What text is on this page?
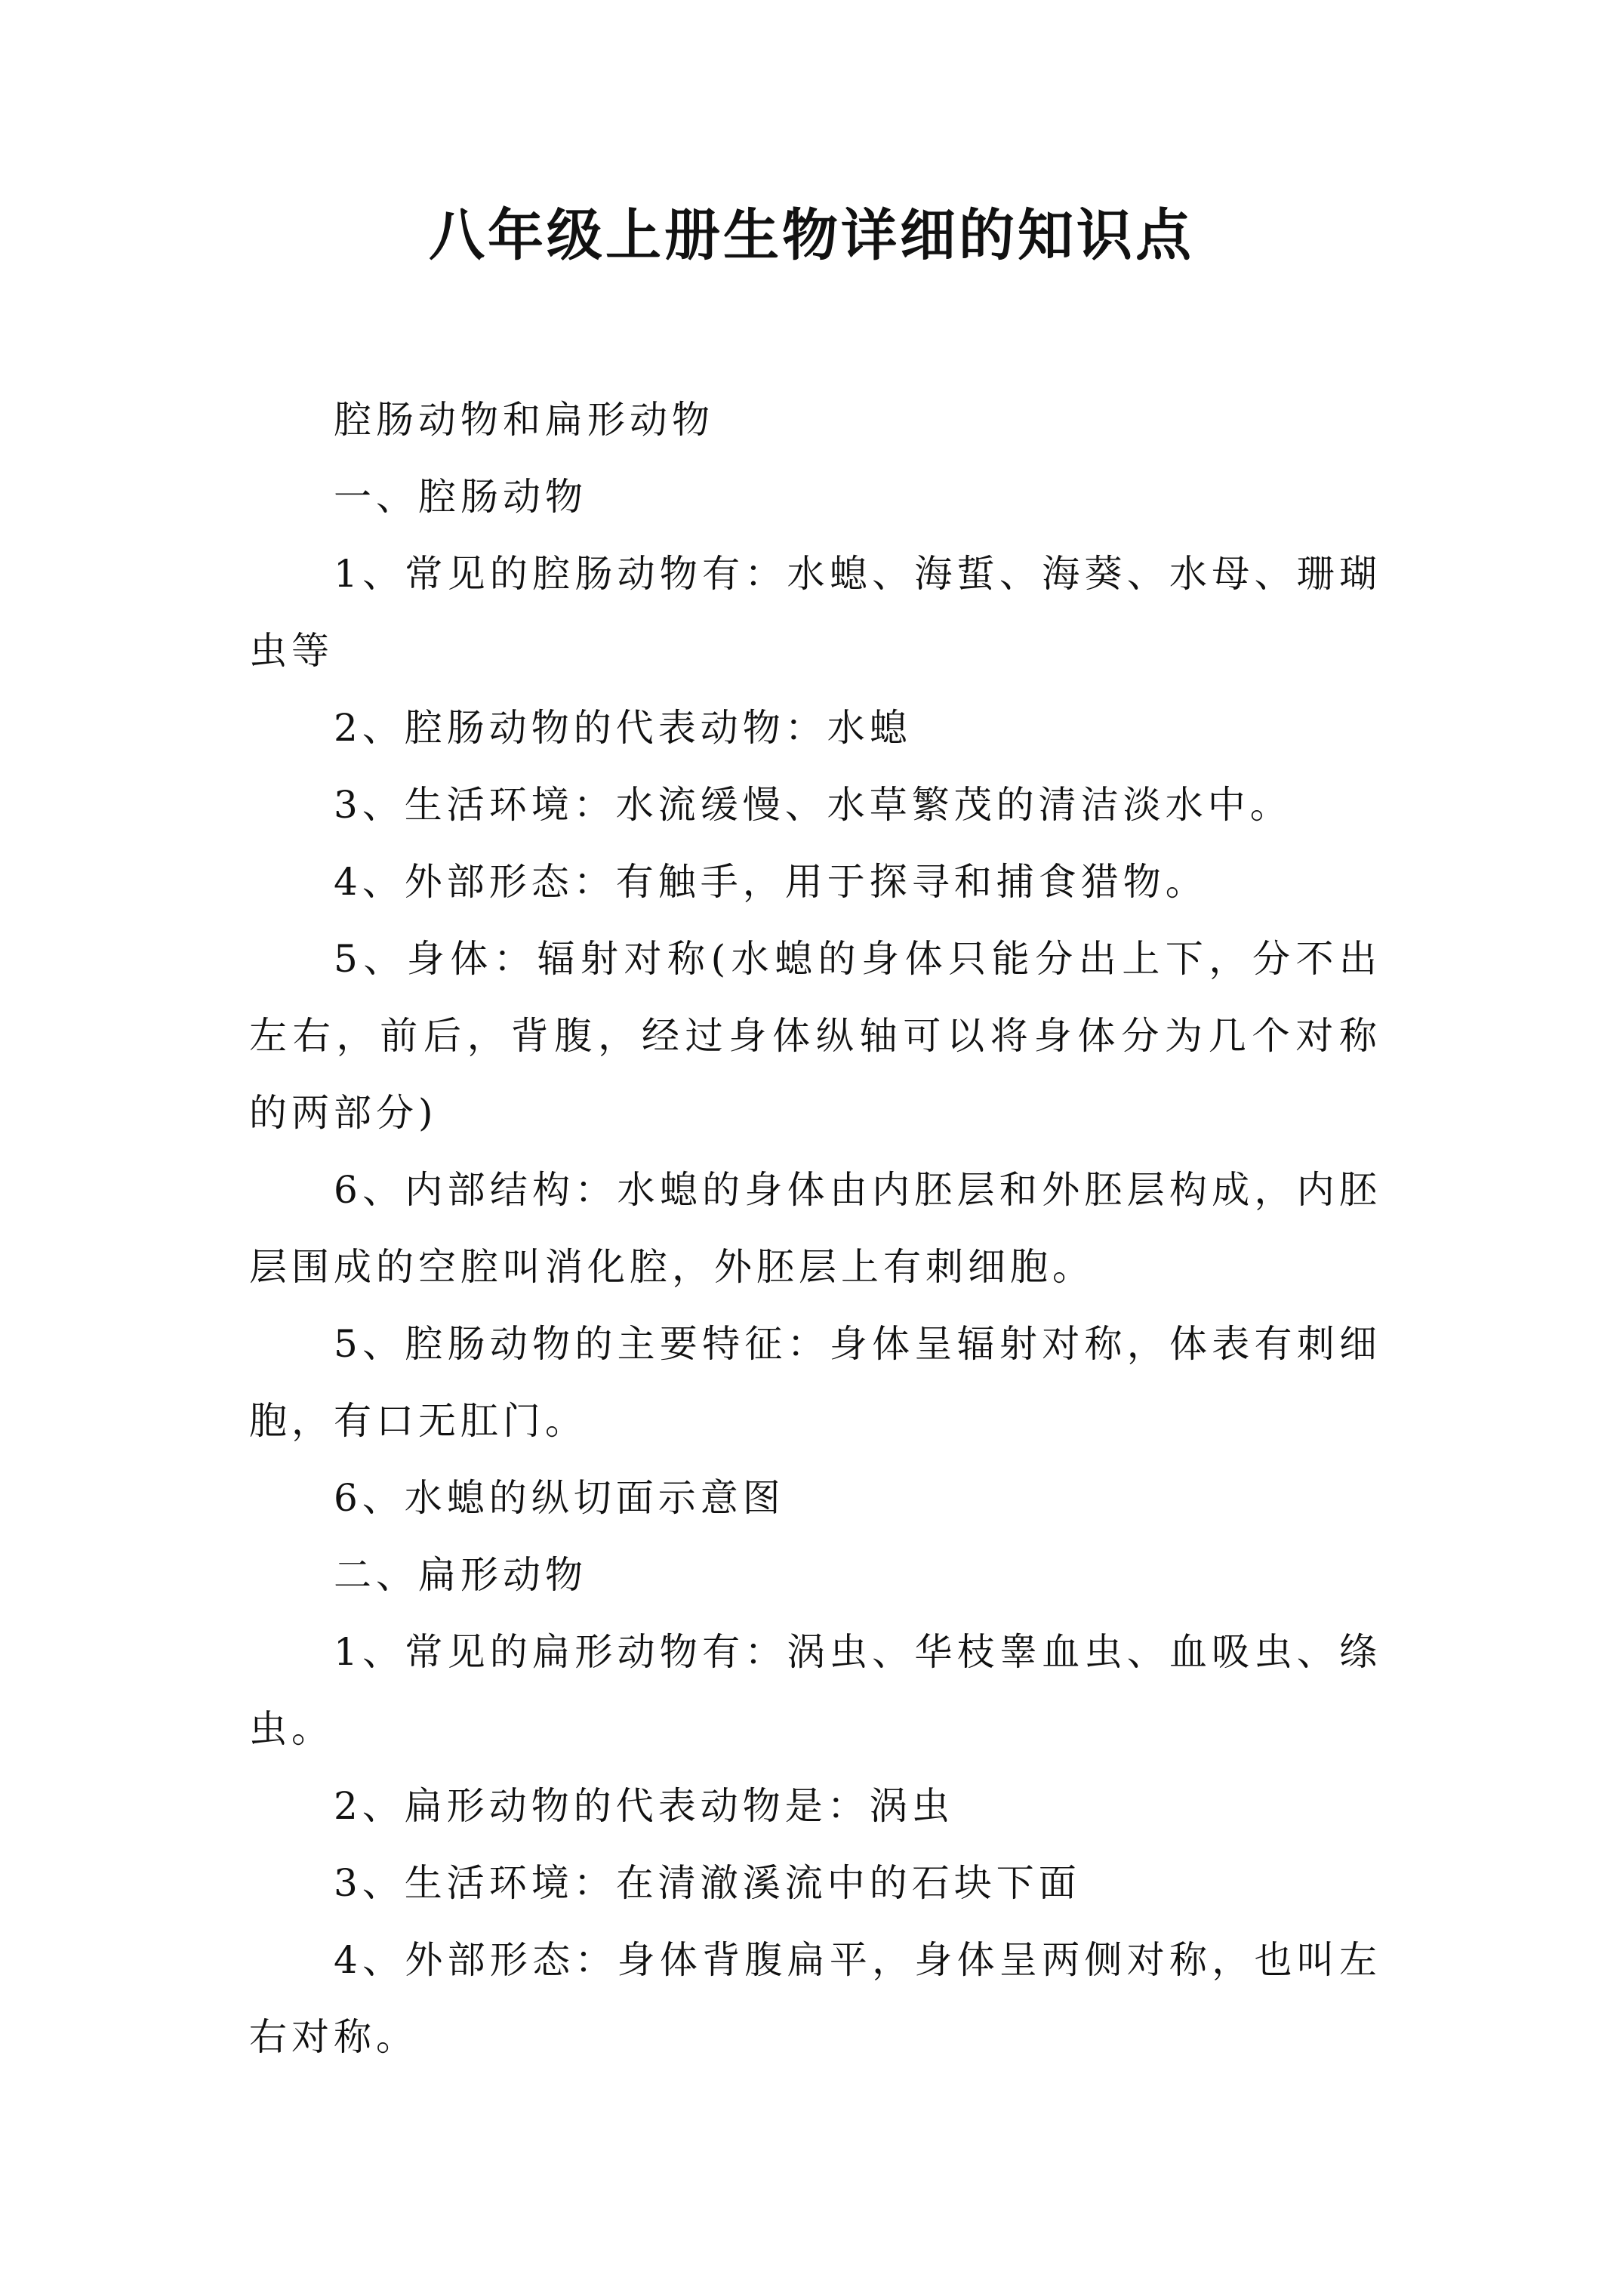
八年级上册生物详细的知识点

腔肠动物和扁形动物

一、腔肠动物

1、常见的腔肠动物有：水螅、海蜇、海葵、水母、珊瑚虫等

2、腔肠动物的代表动物：水螅

3、生活环境：水流缓慢、水草繁茂的清洁淡水中。

4、外部形态：有触手，用于探寻和捕食猎物。

5、身体：辐射对称(水螅的身体只能分出上下，分不出左右，前后，背腹，经过身体纵轴可以将身体分为几个对称的两部分)

6、内部结构：水螅的身体由内胚层和外胚层构成，内胚层围成的空腔叫消化腔，外胚层上有刺细胞。

5、腔肠动物的主要特征：身体呈辐射对称，体表有刺细胞，有口无肛门。

6、水螅的纵切面示意图

二、扁形动物

1、常见的扁形动物有：涡虫、华枝睾血虫、血吸虫、绦虫。

2、扁形动物的代表动物是：涡虫

3、生活环境：在清澈溪流中的石块下面

4、外部形态：身体背腹扁平，身体呈两侧对称，也叫左右对称。
